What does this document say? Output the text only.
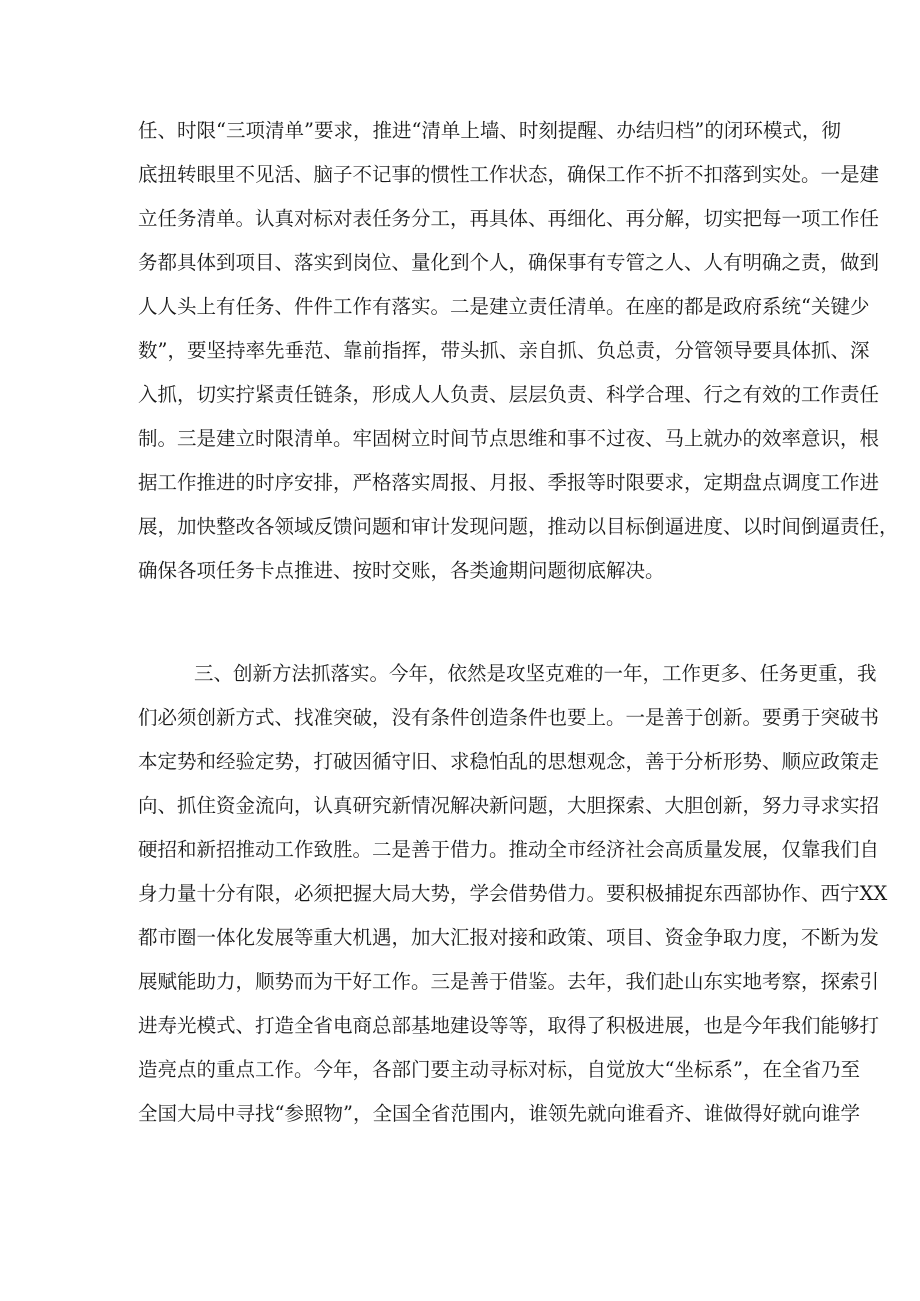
任、时限“三项清单”要求，推进“清单上墙、时刻提醒、办结归档”的闭环模式，彻
底扭转眼里不见活、脑子不记事的惯性工作状态，确保工作不折不扣落到实处。一是建
立任务清单。认真对标对表任务分工，再具体、再细化、再分解，切实把每一项工作任
务都具体到项目、落实到岗位、量化到个人，确保事有专管之人、人有明确之责，做到
人人头上有任务、件件工作有落实。二是建立责任清单。在座的都是政府系统“关键少
数”，要坚持率先垂范、靠前指挥，带头抓、亲自抓、负总责，分管领导要具体抓、深
入抓，切实拧紧责任链条，形成人人负责、层层负责、科学合理、行之有效的工作责任
制。三是建立时限清单。牢固树立时间节点思维和事不过夜、马上就办的效率意识，根
据工作推进的时序安排，严格落实周报、月报、季报等时限要求，定期盘点调度工作进
展，加快整改各领域反馈问题和审计发现问题，推动以目标倒逼进度、以时间倒逼责任，
确保各项任务卡点推进、按时交账，各类逾期问题彻底解决。
三、创新方法抓落实。今年，依然是攻坚克难的一年，工作更多、任务更重，我
们必须创新方式、找准突破，没有条件创造条件也要上。一是善于创新。要勇于突破书
本定势和经验定势，打破因循守旧、求稳怕乱的思想观念，善于分析形势、顺应政策走
向、抓住资金流向，认真研究新情况解决新问题，大胆探索、大胆创新，努力寻求实招
硬招和新招推动工作致胜。二是善于借力。推动全市经济社会高质量发展，仅靠我们自
身力量十分有限，必须把握大局大势，学会借势借力。要积极捕捉东西部协作、西宁XX
都市圈一体化发展等重大机遇，加大汇报对接和政策、项目、资金争取力度，不断为发
展赋能助力，顺势而为干好工作。三是善于借鉴。去年，我们赴山东实地考察，探索引
进寿光模式、打造全省电商总部基地建设等等，取得了积极进展，也是今年我们能够打
造亮点的重点工作。今年，各部门要主动寻标对标，自觉放大“坐标系”，在全省乃至
全国大局中寻找“参照物”，全国全省范围内，谁领先就向谁看齐、谁做得好就向谁学
